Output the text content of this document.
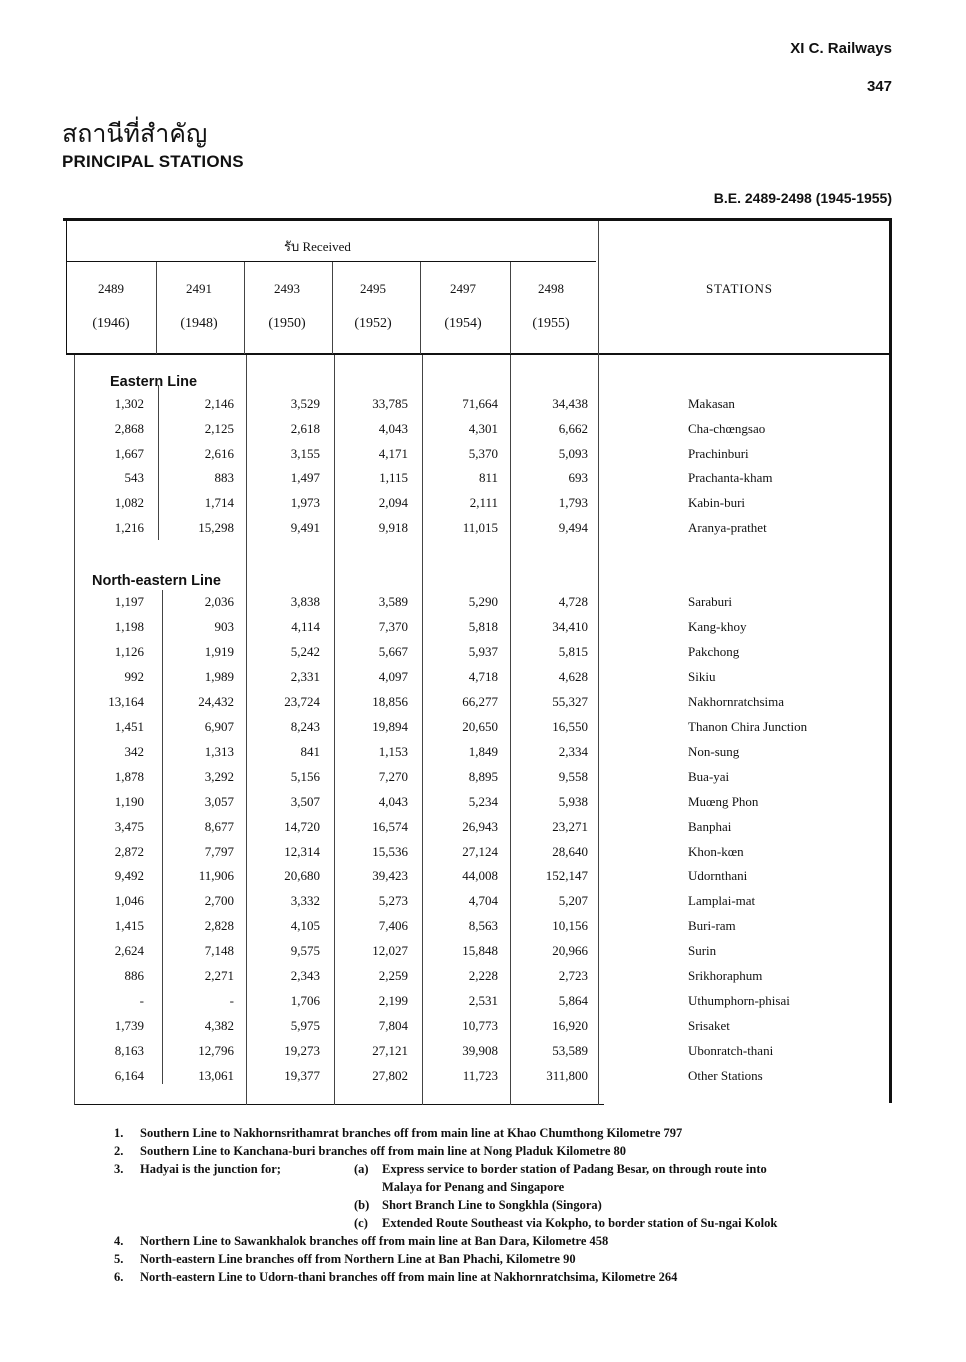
XI C. Railways
347
สถานีที่สำคัญ
PRINCIPAL STATIONS
B.E. 2489-2498 (1945-1955)
รับ Received
2489	2491	2493	2495	2497	2498
(1946)	(1948)	(1950)	(1952)	(1954)	(1955)
STATIONS
Eastern Line
North-eastern Line
1,302	2,146	3,529	33,785	71,664	34,438	Makasan
2,868	2,125	2,618	4,043	4,301	6,662	Cha-chœngsao
1,667	2,616	3,155	4,171	5,370	5,093	Prachinburi
543	883	1,497	1,115	811	693	Prachanta-kham
1,082	1,714	1,973	2,094	2,111	1,793	Kabin-buri
1,216	15,298	9,491	9,918	11,015	9,494	Aranya-prathet
1,197	2,036	3,838	3,589	5,290	4,728	Saraburi
1,198	903	4,114	7,370	5,818	34,410	Kang-khoy
1,126	1,919	5,242	5,667	5,937	5,815	Pakchong
992	1,989	2,331	4,097	4,718	4,628	Sikiu
13,164	24,432	23,724	18,856	66,277	55,327	Nakhornratchsima
1,451	6,907	8,243	19,894	20,650	16,550	Thanon Chira Junction
342	1,313	841	1,153	1,849	2,334	Non-sung
1,878	3,292	5,156	7,270	8,895	9,558	Bua-yai
1,190	3,057	3,507	4,043	5,234	5,938	Muœng Phon
3,475	8,677	14,720	16,574	26,943	23,271	Banphai
2,872	7,797	12,314	15,536	27,124	28,640	Khon-kœn
9,492	11,906	20,680	39,423	44,008	152,147	Udornthani
1,046	2,700	3,332	5,273	4,704	5,207	Lamplai-mat
1,415	2,828	4,105	7,406	8,563	10,156	Buri-ram
2,624	7,148	9,575	12,027	15,848	20,966	Surin
886	2,271	2,343	2,259	2,228	2,723	Srikhoraphum
-	-	1,706	2,199	2,531	5,864	Uthumphorn-phisai
1,739	4,382	5,975	7,804	10,773	16,920	Srisaket
8,163	12,796	19,273	27,121	39,908	53,589	Ubonratch-thani
6,164	13,061	19,377	27,802	11,723	311,800	Other Stations
1. Southern Line to Nakhornsrithamrat branches off from main line at Khao Chumthong Kilometre 797
2. Southern Line to Kanchana-buri branches off from main line at Nong Pladuk Kilometre 80
3. Hadyai is the junction for;	(a) Express service to border station of Padang Besar, on through route into
Malaya for Penang and Singapore
(b) Short Branch Line to Songkhla (Singora)
(c) Extended Route Southeast via Kokpho, to border station of Su-ngai Kolok
4. Northern Line to Sawankhalok branches off from main line at Ban Dara, Kilometre 458
5. North-eastern Line branches off from Northern Line at Ban Phachi, Kilometre 90
6. North-eastern Line to Udorn-thani branches off from main line at Nakhornratchsima, Kilometre 264
